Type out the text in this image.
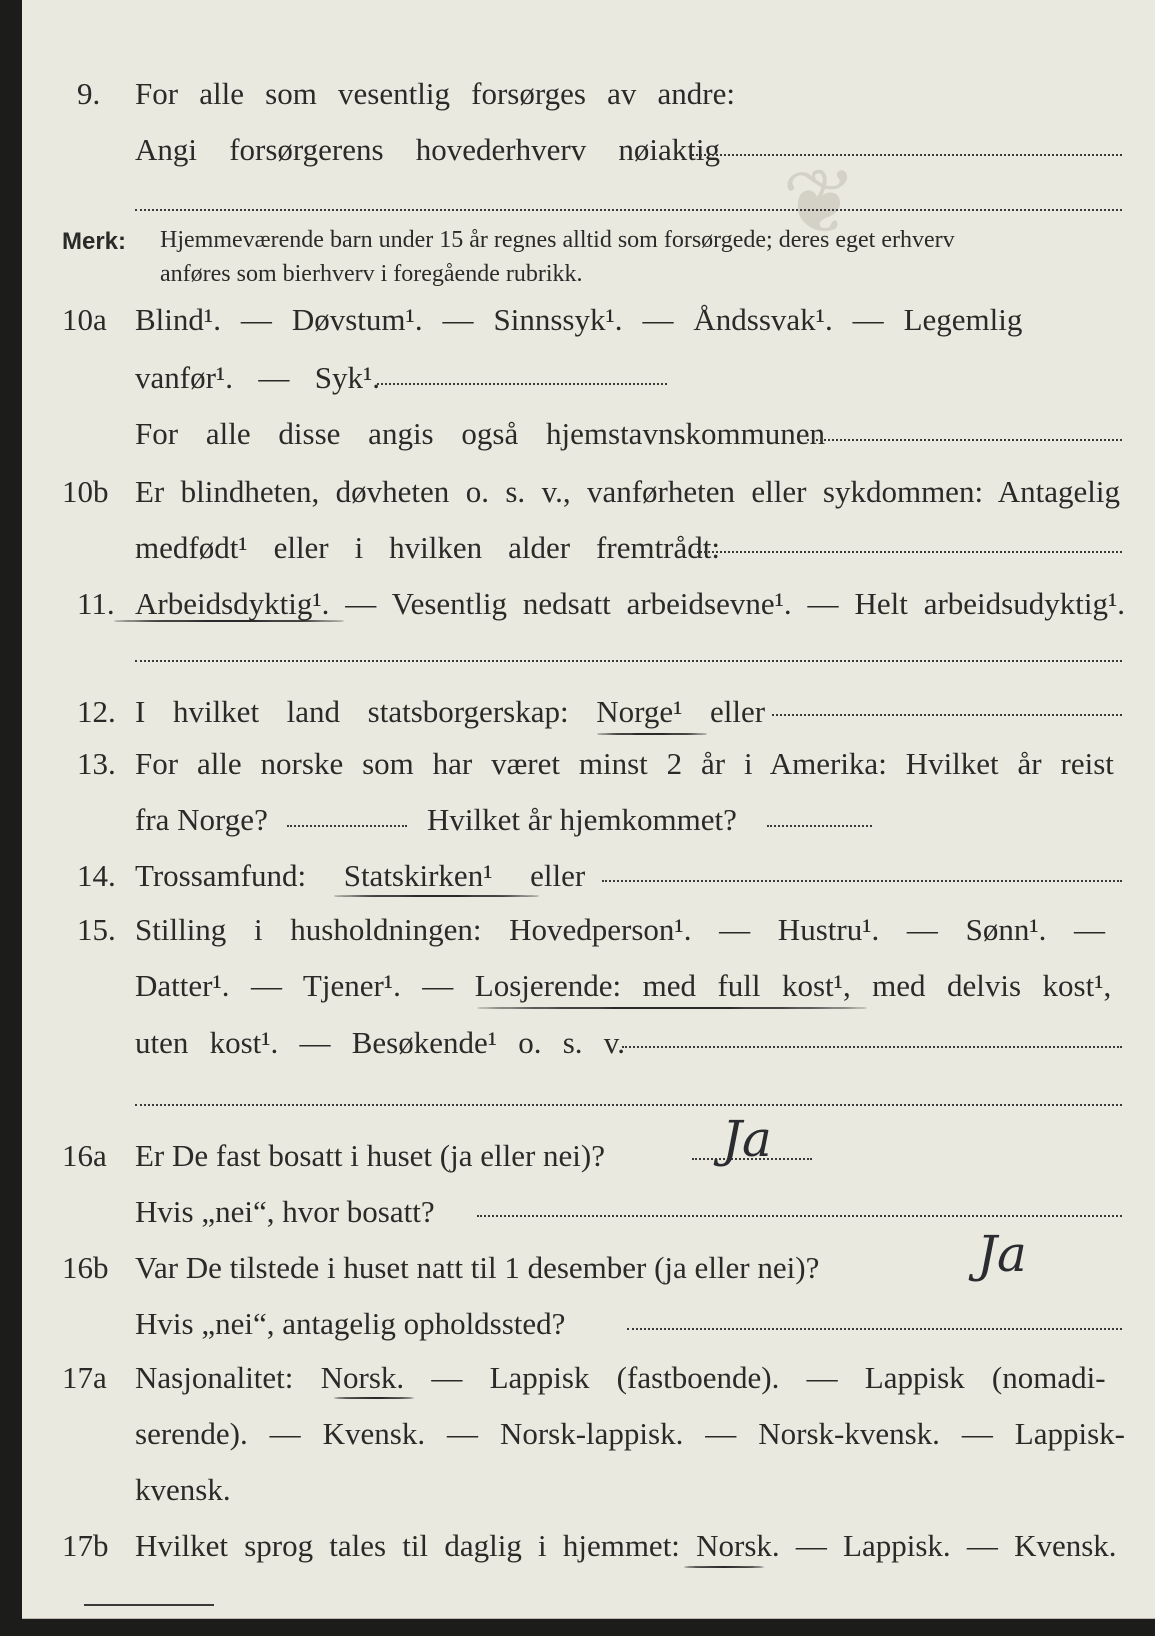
❦
9. For alle som vesentlig forsørges av andre:
Angi forsørgerens hovederhverv nøiaktig
Merk: Hjemmeværende barn under 15 år regnes alltid som forsørgede; deres eget erhverv
anføres som bierhverv i foregående rubrikk.
10a Blind¹. — Døvstum¹. — Sinnssyk¹. — Åndssvak¹. — Legemlig
vanfør¹. — Syk¹.
For alle disse angis også hjemstavnskommunen
10b Er blindheten, døvheten o. s. v., vanførheten eller sykdommen: Antagelig
medfødt¹ eller i hvilken alder fremtrådt:
11. Arbeidsdyktig¹. — Vesentlig nedsatt arbeidsevne¹. — Helt arbeidsudyktig¹.
12. I hvilket land statsborgerskap: Norge¹ eller
13. For alle norske som har været minst 2 år i Amerika: Hvilket år reist
fra Norge?	Hvilket år hjemkommet?
14. Trossamfund: Statskirken¹ eller
15. Stilling i husholdningen: Hovedperson¹. — Hustru¹. — Sønn¹. —
Datter¹. — Tjener¹. — Losjerende: med full kost¹, med delvis kost¹,
uten kost¹. — Besøkende¹ o. s. v.
16a Er De fast bosatt i huset (ja eller nei)? Ja
Hvis „nei“, hvor bosatt?
16b Var De tilstede i huset natt til 1 desember (ja eller nei)?	Ja
Hvis „nei“, antagelig opholdssted?
17a Nasjonalitet: Norsk. — Lappisk (fastboende). — Lappisk (nomadi-
serende). — Kvensk. — Norsk-lappisk. — Norsk-kvensk. — Lappisk-
kvensk.
17b Hvilket sprog tales til daglig i hjemmet: Norsk. — Lappisk. — Kvensk.
